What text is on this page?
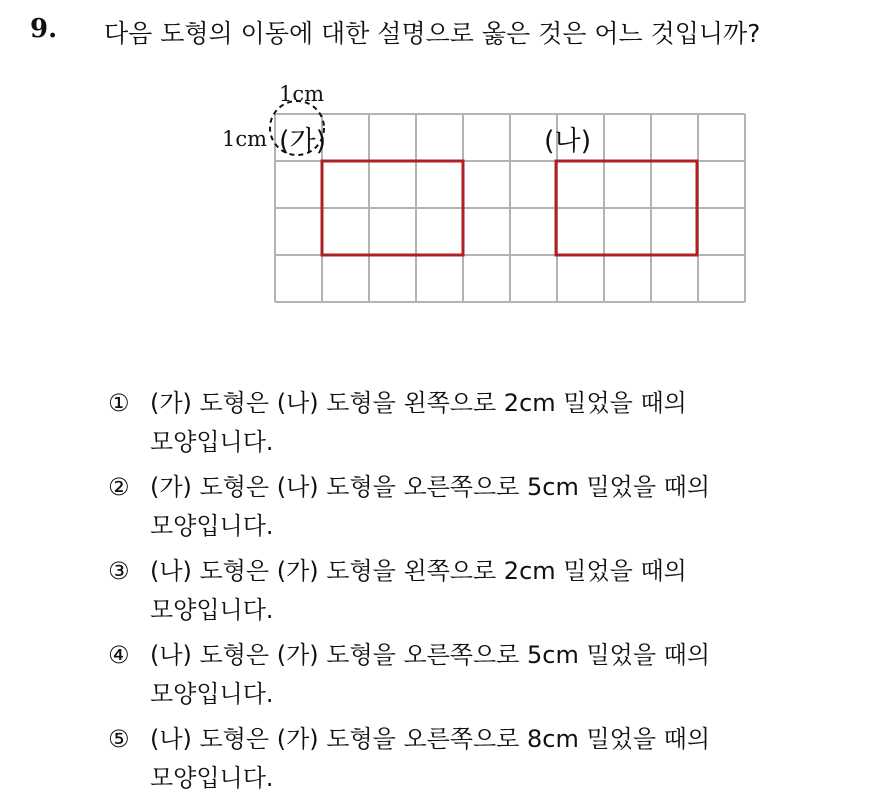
9. 다음 도형의 이동에 대한 설명으로 옳은 것은 어느 것입니까?
1cm
1cm (가)	(나)
① (가) 도형은 (나) 도형을 왼쪽으로 2cm 밀었을 때의
모양입니다.
② (가) 도형은 (나) 도형을 오른쪽으로 5cm 밀었을 때의
모양입니다.
③ (나) 도형은 (가) 도형을 왼쪽으로 2cm 밀었을 때의
모양입니다.
④ (나) 도형은 (가) 도형을 오른쪽으로 5cm 밀었을 때의
모양입니다.
⑤ (나) 도형은 (가) 도형을 오른쪽으로 8cm 밀었을 때의
모양입니다.
